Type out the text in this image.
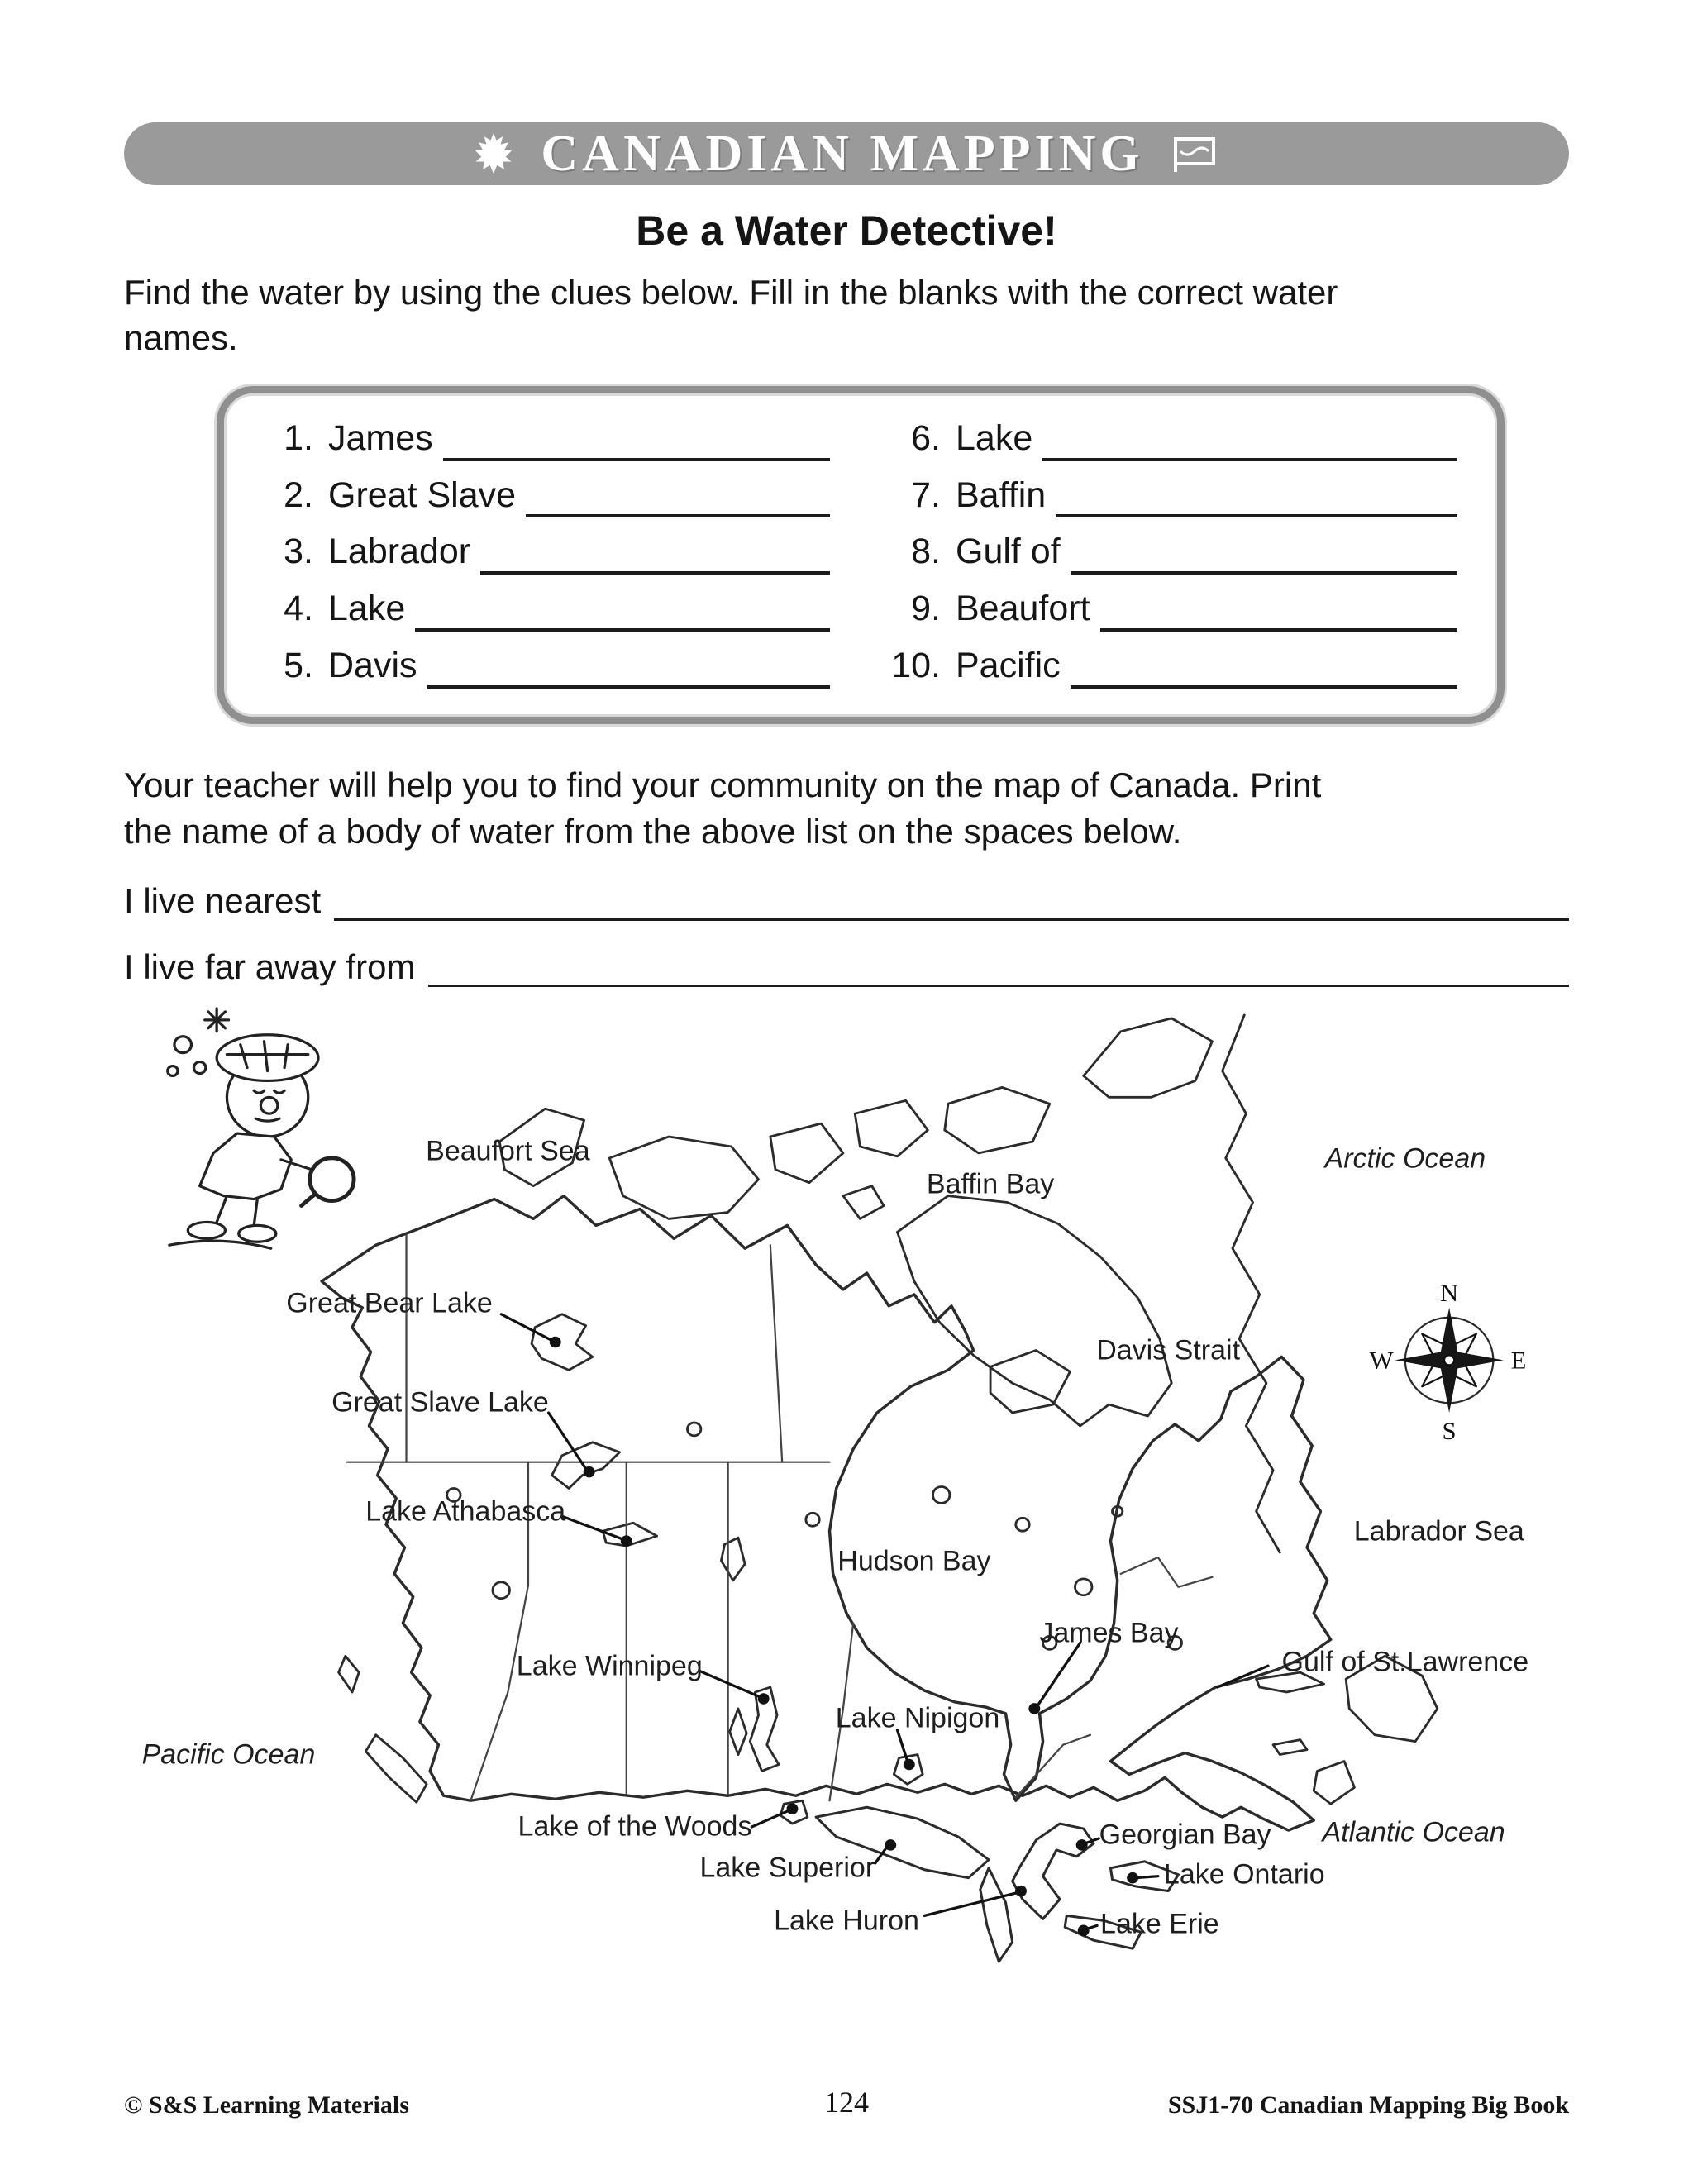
CANADIAN MAPPING
Be a Water Detective!

Find the water by using the clues below. Fill in the blanks with the correct water names.

1. James
2. Great Slave
3. Labrador
4. Lake
5. Davis
6. Lake
7. Baffin
8. Gulf of
9. Beaufort
10. Pacific

Your teacher will help you to find your community on the map of Canada. Print the name of a body of water from the above list on the spaces below.

I live nearest
I live far away from
N
S
W	E
Beaufort Sea
Baffin Bay
Arctic Ocean
Great Bear Lake
Davis Strait
Great Slave Lake
Lake Athabasca
Hudson Bay
Labrador Sea
James Bay
Lake Winnipeg	Gulf of St.Lawrence
Lake Nipigon
Pacific Ocean
Lake of the Woods	Georgian Bay Atlantic Ocean
Lake Superior	Lake Ontario
Lake Huron	Lake Erie
© S&S Learning Materials	124	SSJ1-70 Canadian Mapping Big Book
